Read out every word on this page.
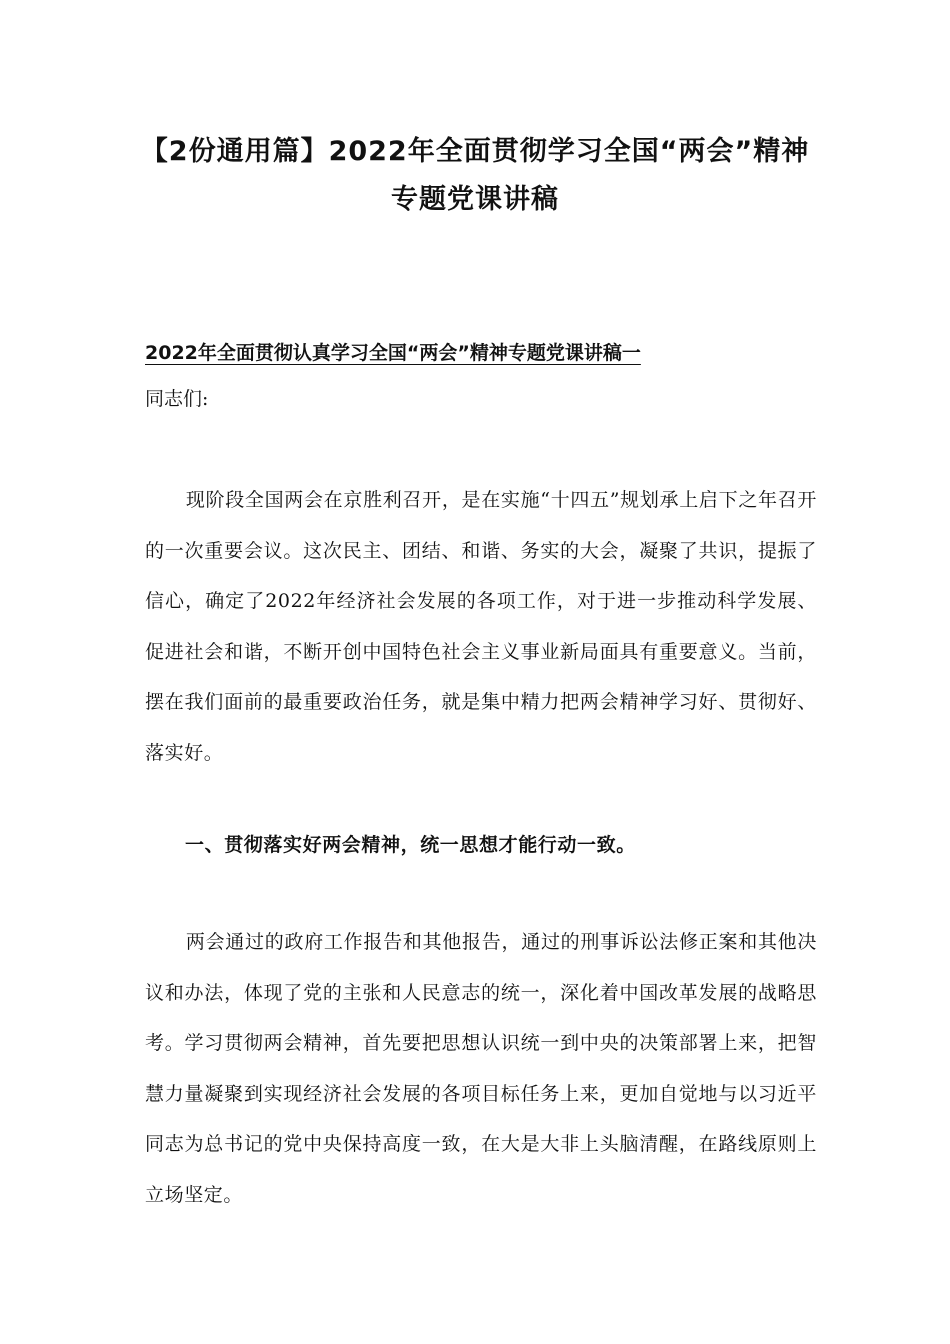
【2份通用篇】2022年全面贯彻学习全国“两会”精神专题党课讲稿

2022年全面贯彻认真学习全国“两会”精神专题党课讲稿一

同志们:

现阶段全国两会在京胜利召开，是在实施“十四五”规划承上启下之年召开的一次重要会议。这次民主、团结、和谐、务实的大会，凝聚了共识，提振了信心，确定了2022年经济社会发展的各项工作，对于进一步推动科学发展、促进社会和谐，不断开创中国特色社会主义事业新局面具有重要意义。当前，摆在我们面前的最重要政治任务，就是集中精力把两会精神学习好、贯彻好、落实好。

一、贯彻落实好两会精神，统一思想才能行动一致。

两会通过的政府工作报告和其他报告，通过的刑事诉讼法修正案和其他决议和办法，体现了党的主张和人民意志的统一，深化着中国改革发展的战略思考。学习贯彻两会精神，首先要把思想认识统一到中央的决策部署上来，把智慧力量凝聚到实现经济社会发展的各项目标任务上来，更加自觉地与以习近平同志为总书记的党中央保持高度一致，在大是大非上头脑清醒，在路线原则上立场坚定。
